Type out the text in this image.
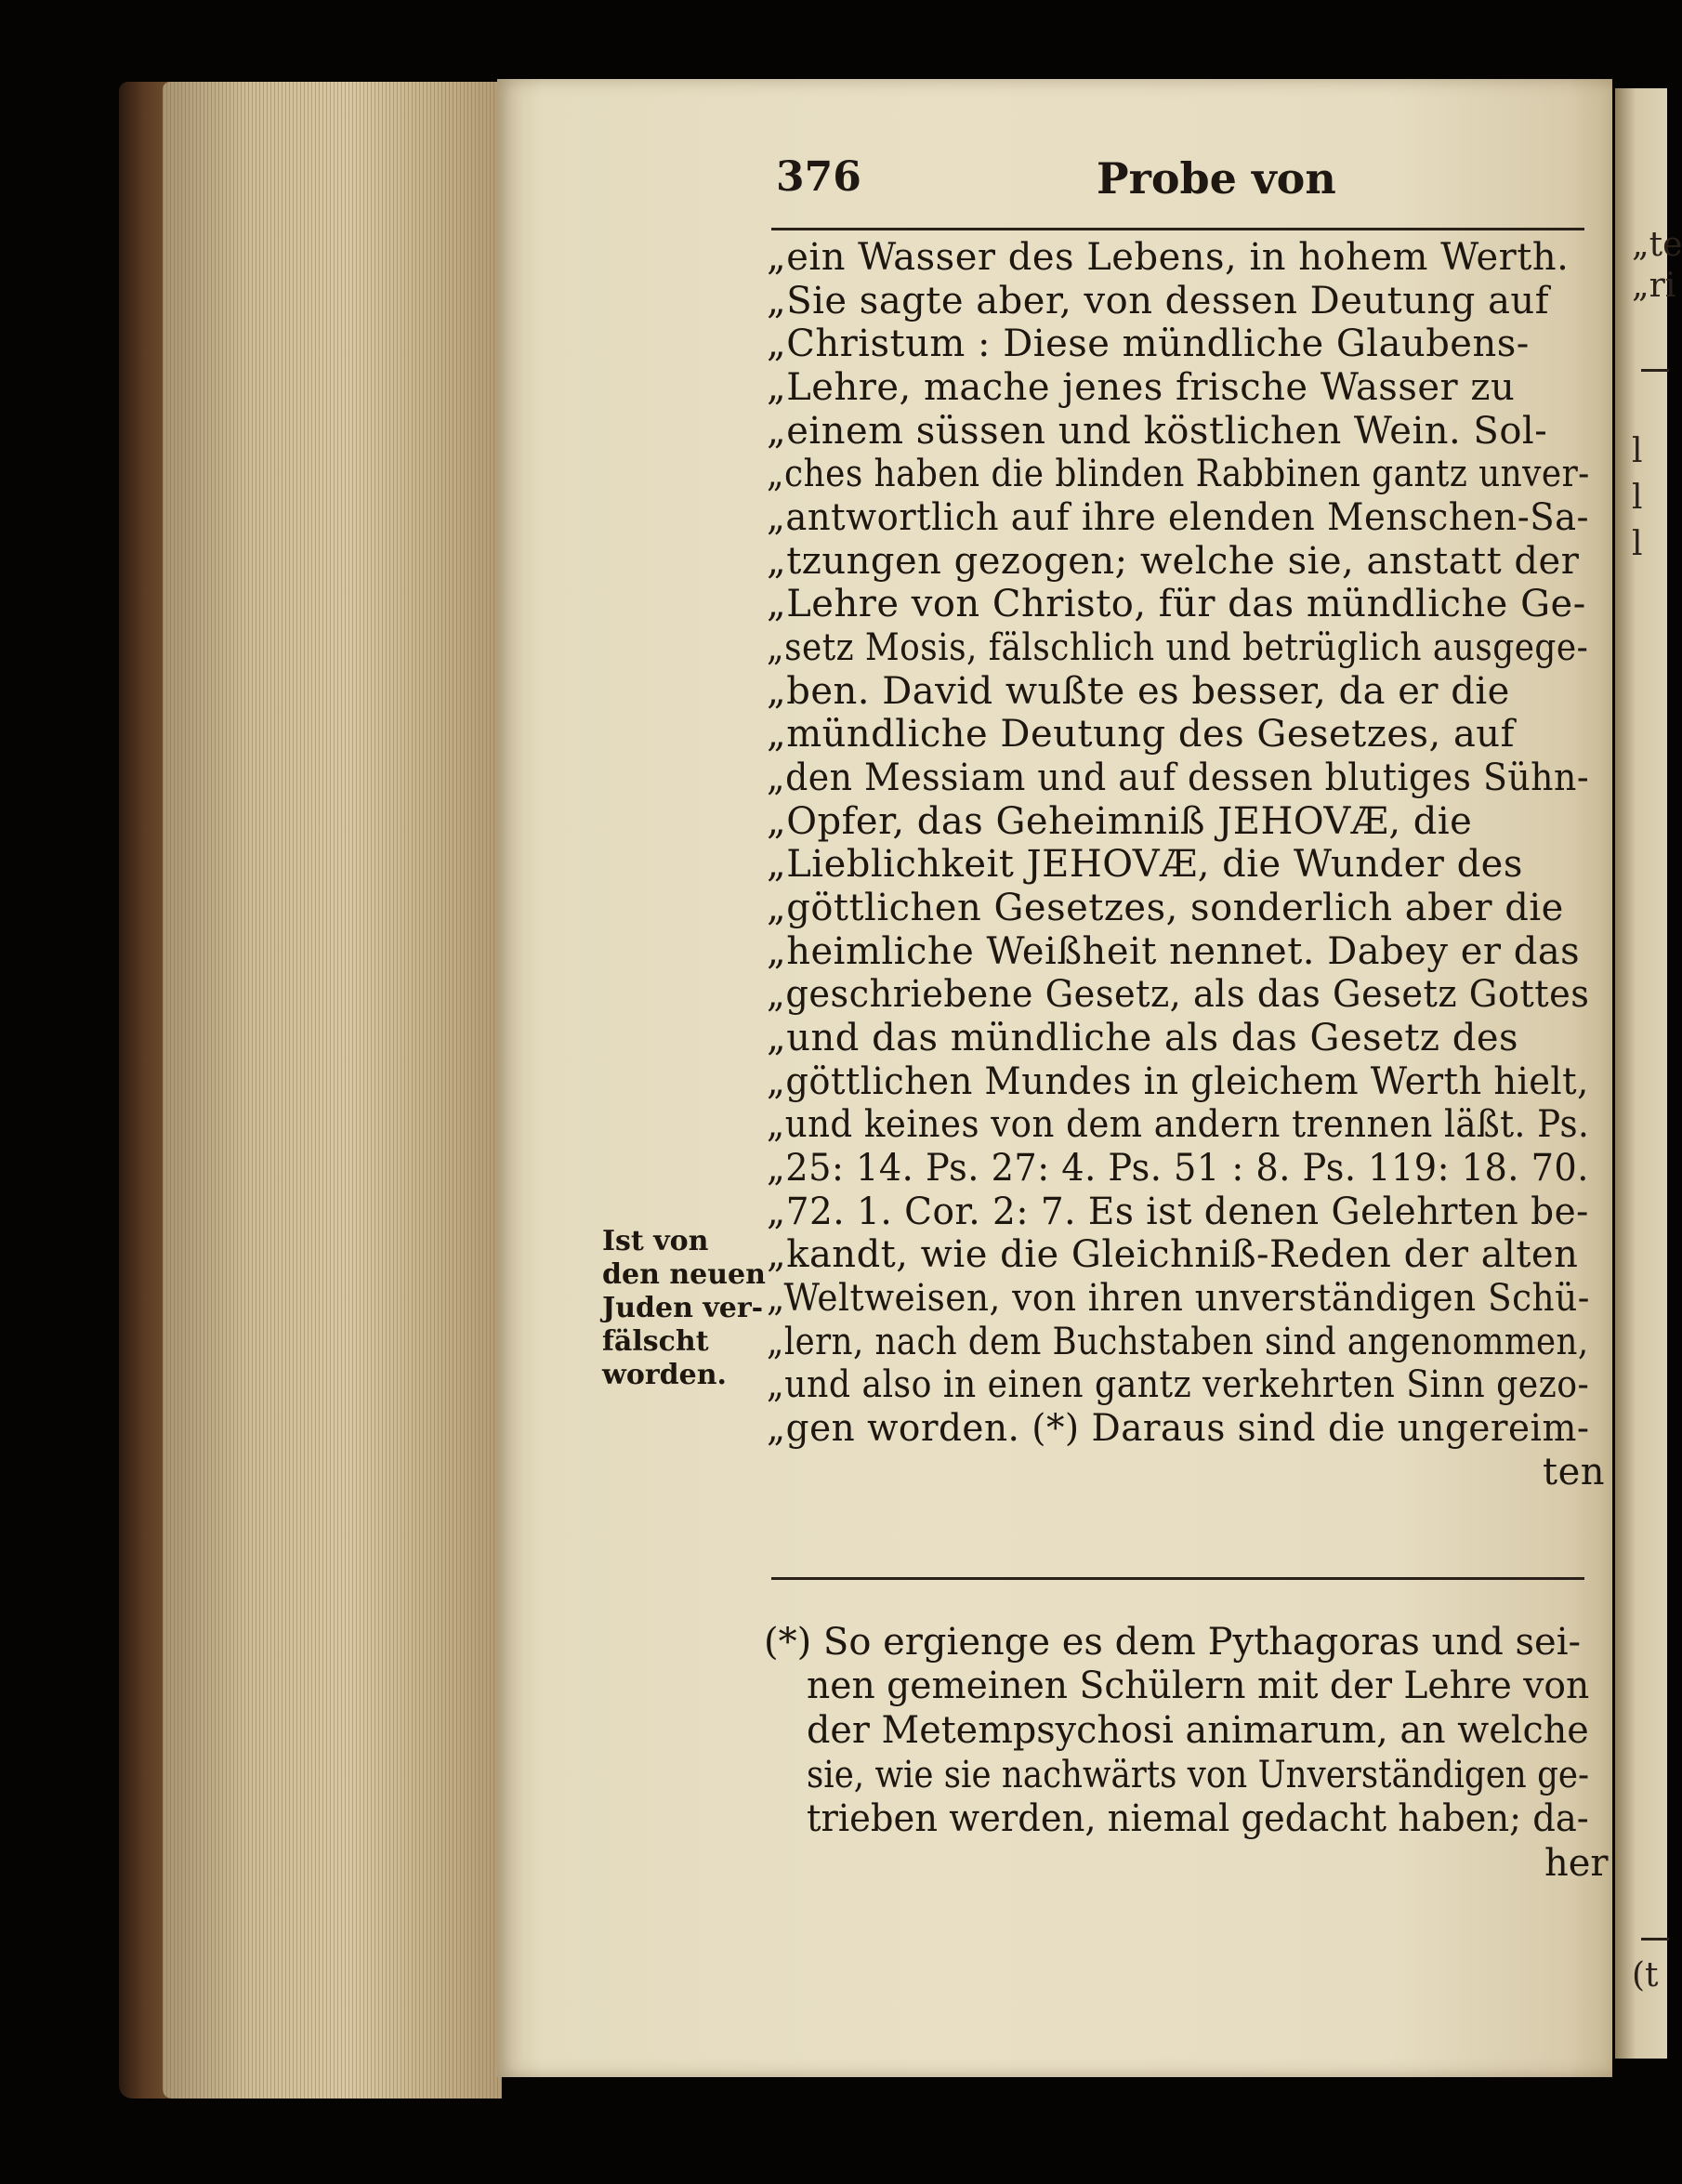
„te
„ri
l
l
l
(t
376	Probe von
„ein Wasser des Lebens, in hohem Werth.
„Sie sagte aber, von dessen Deutung auf
„Christum : Diese mündliche Glaubens-
„Lehre, mache jenes frische Wasser zu
„einem süssen und köstlichen Wein. Sol-
„ches haben die blinden Rabbinen gantz unver-
„antwortlich auf ihre elenden Menschen-Sa-
„tzungen gezogen; welche sie, anstatt der
„Lehre von Christo, für das mündliche Ge-
„setz Mosis, fälschlich und betrüglich ausgege-
„ben. David wußte es besser, da er die
„mündliche Deutung des Gesetzes, auf
„den Messiam und auf dessen blutiges Sühn-
„Opfer, das Geheimniß JEHOVÆ, die
„Lieblichkeit JEHOVÆ, die Wunder des
„göttlichen Gesetzes, sonderlich aber die
„heimliche Weißheit nennet. Dabey er das
„geschriebene Gesetz, als das Gesetz Gottes
„und das mündliche als das Gesetz des
„göttlichen Mundes in gleichem Werth hielt,
„und keines von dem andern trennen läßt. Ps.
„25: 14. Ps. 27: 4. Ps. 51 : 8. Ps. 119: 18. 70.
„72. 1. Cor. 2: 7. Es ist denen Gelehrten be-
„kandt, wie die Gleichniß-Reden der alten
„Weltweisen, von ihren unverständigen Schü-
„lern, nach dem Buchstaben sind angenommen,
„und also in einen gantz verkehrten Sinn gezo-
„gen worden. (*) Daraus sind die ungereim-
ten
Ist von
den neuen
Juden ver-
fälscht
worden.
(*) So ergienge es dem Pythagoras und sei-
nen gemeinen Schülern mit der Lehre von
der Metempsychosi animarum, an welche
sie, wie sie nachwärts von Unverständigen ge-
trieben werden, niemal gedacht haben; da-
her
